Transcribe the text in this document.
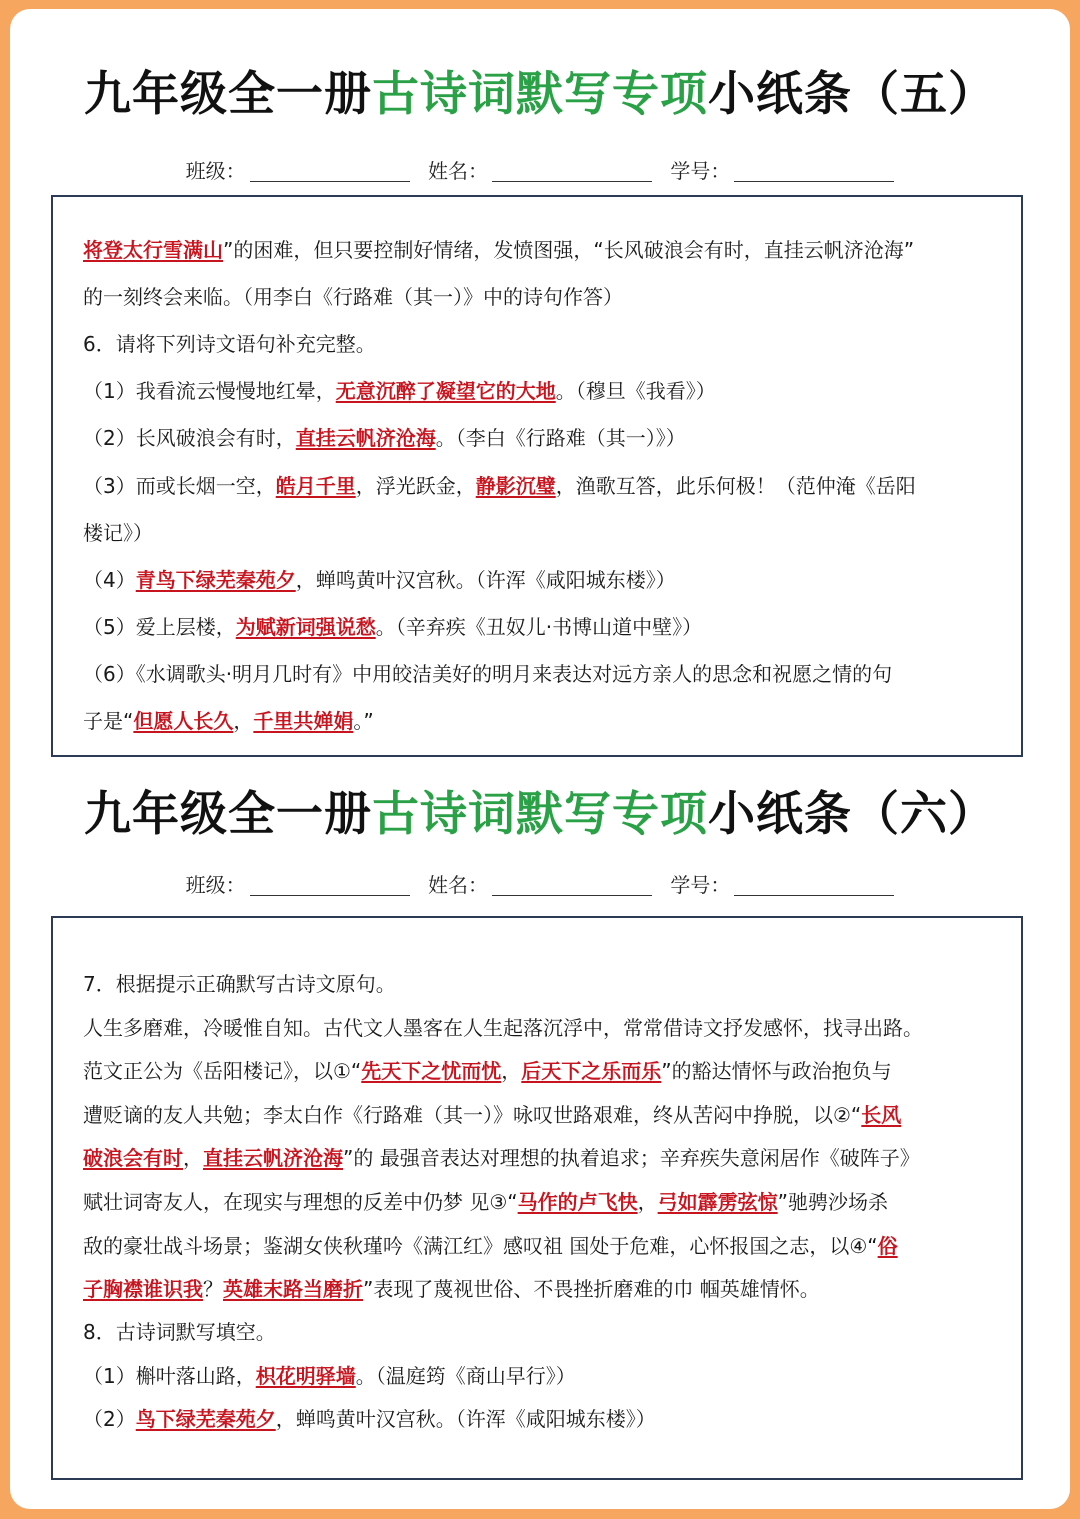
九年级全一册古诗词默写专项小纸条（五）
班级：	姓名：	学号：
将登太行雪满山”的困难，但只要控制好情绪，发愤图强，“长风破浪会有时，直挂云帆济沧海”
的一刻终会来临。（用李白《行路难（其一）》中的诗句作答）
6．请将下列诗文语句补充完整。
（1）我看流云慢慢地红晕，无意沉醉了凝望它的大地。（穆旦《我看》）
（2）长风破浪会有时，直挂云帆济沧海。（李白《行路难（其一）》）
（3）而或长烟一空，皓月千里，浮光跃金，静影沉璧，渔歌互答，此乐何极！（范仲淹《岳阳
楼记》）
（4）青鸟下绿芜秦苑夕，蝉鸣黄叶汉宫秋。（许浑《咸阳城东楼》）
（5）爱上层楼，为赋新词强说愁。（辛弃疾《丑奴儿·书博山道中壁》）
（6）《水调歌头·明月几时有》中用皎洁美好的明月来表达对远方亲人的思念和祝愿之情的句
子是“但愿人长久，千里共婵娟。”
九年级全一册古诗词默写专项小纸条（六）
班级：	姓名：	学号：
7．根据提示正确默写古诗文原句。
人生多磨难，冷暖惟自知。古代文人墨客在人生起落沉浮中，常常借诗文抒发感怀，找寻出路。
范文正公为《岳阳楼记》，以①“先天下之忧而忧，后天下之乐而乐”的豁达情怀与政治抱负与
遭贬谪的友人共勉；李太白作《行路难（其一）》咏叹世路艰难，终从苦闷中挣脱，以②“长风
破浪会有时，直挂云帆济沧海”的 最强音表达对理想的执着追求；辛弃疾失意闲居作《破阵子》
赋壮词寄友人，在现实与理想的反差中仍梦 见③“马作的卢飞快，弓如霹雳弦惊”驰骋沙场杀
敌的豪壮战斗场景；鉴湖女侠秋瑾吟《满江红》感叹祖 国处于危难，心怀报国之志，以④“俗
子胸襟谁识我？英雄末路当磨折”表现了蔑视世俗、不畏挫折磨难的巾 帼英雄情怀。
8．古诗词默写填空。
（1）槲叶落山路，枳花明驿墙。（温庭筠《商山早行》）
（2）鸟下绿芜秦苑夕，蝉鸣黄叶汉宫秋。（许浑《咸阳城东楼》）
